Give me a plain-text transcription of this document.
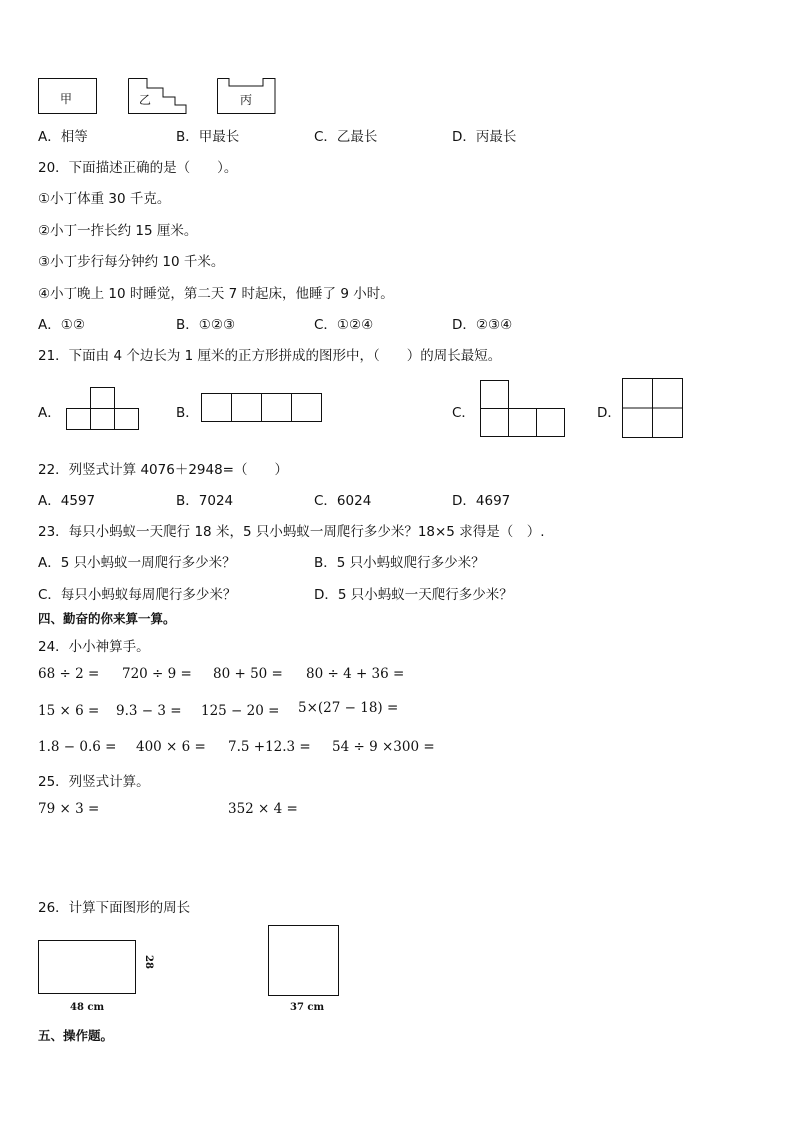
甲	乙	丙
A．相等	B．甲最长	C．乙最长	D．丙最长
20．下面描述正确的是（　　）。
①小丁体重 30 千克。
②小丁一拃长约 15 厘米。
③小丁步行每分钟约 10 千米。
④小丁晚上 10 时睡觉，第二天 7 时起床，他睡了 9 小时。
A．①②	B．①②③	C．①②④	D．②③④
21．下面由 4 个边长为 1 厘米的正方形拼成的图形中，（　　）的周长最短。
A．	B．	C．	D．
22．列竖式计算 4076＋2948=（　　）
A．4597	B．7024	C．6024	D．4697
23．每只小蚂蚁一天爬行 18 米，5 只小蚂蚁一周爬行多少米？18×5 求得是（　）.
A．5 只小蚂蚁一周爬行多少米？	B．5 只小蚂蚁爬行多少米？
C．每只小蚂蚁每周爬行多少米？	D．5 只小蚂蚁一天爬行多少米？
四、勤奋的你来算一算。
24．小小神算手。
68 ÷ 2 = 720 ÷ 9 = 80 + 50 = 80 ÷ 4 + 36 =
15 × 6 = 9.3 − 3 = 125 − 20 = 5×(27 − 18) =
1.8 − 0.6 = 400 × 6 = 7.5 +12.3 = 54 ÷ 9 ×300 =
25．列竖式计算。
79 × 3 =	352 × 4 =
26．计算下面图形的周长
28
48 cm	37 cm
五、操作题。
